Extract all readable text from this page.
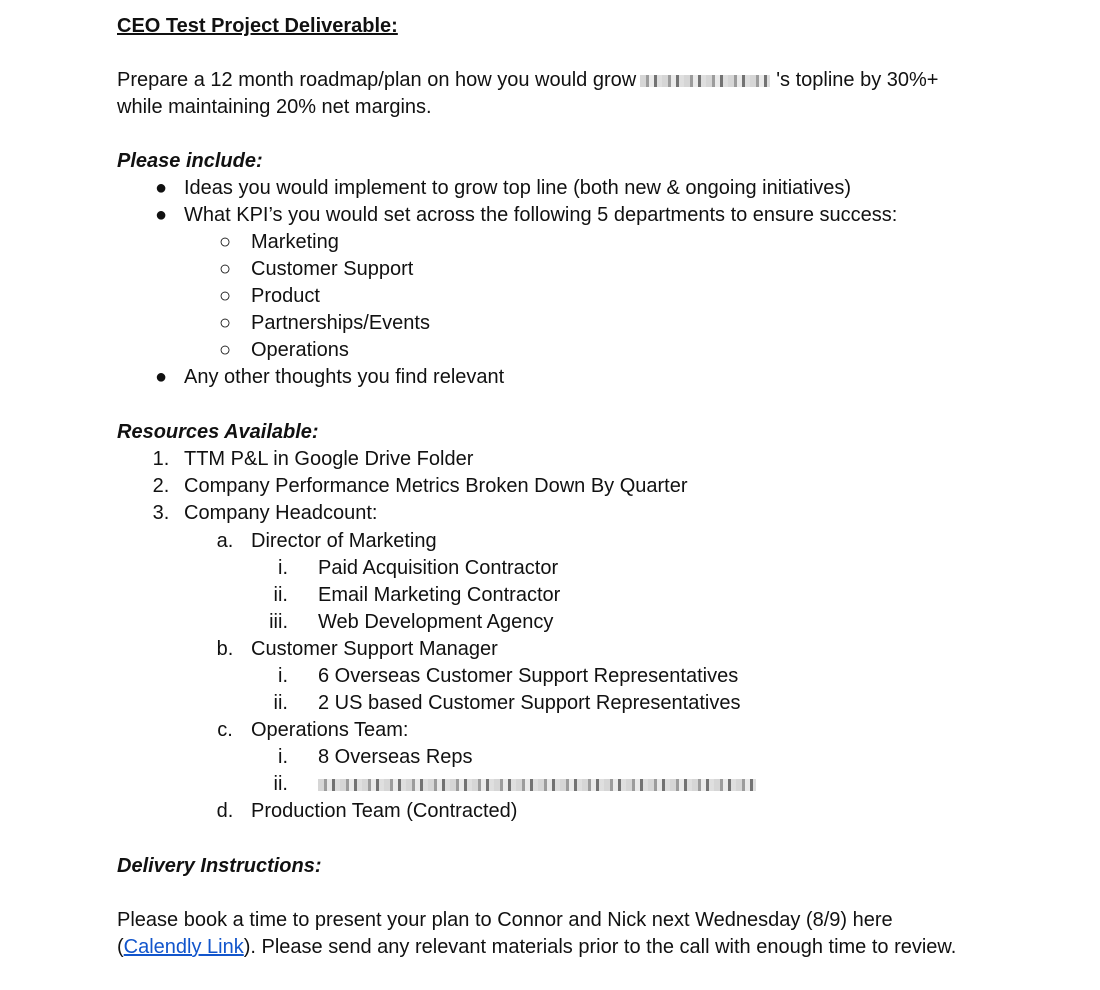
CEO Test Project Deliverable:
Prepare a 12 month roadmap/plan on how you would grow	's topline by 30%+
while maintaining 20% net margins.
Please include:
● Ideas you would implement to grow top line (both new & ongoing initiatives)
● What KPI’s you would set across the following 5 departments to ensure success:
○ Marketing
○ Customer Support
○ Product
○ Partnerships/Events
○ Operations
● Any other thoughts you find relevant
Resources Available:
1. TTM P&L in Google Drive Folder
2. Company Performance Metrics Broken Down By Quarter
3. Company Headcount:
a. Director of Marketing
i. Paid Acquisition Contractor
ii. Email Marketing Contractor
iii. Web Development Agency
b. Customer Support Manager
i. 6 Overseas Customer Support Representatives
ii. 2 US based Customer Support Representatives
c. Operations Team:
i. 8 Overseas Reps
ii.
d. Production Team (Contracted)
Delivery Instructions:
Please book a time to present your plan to Connor and Nick next Wednesday (8/9) here
(Calendly Link). Please send any relevant materials prior to the call with enough time to review.
